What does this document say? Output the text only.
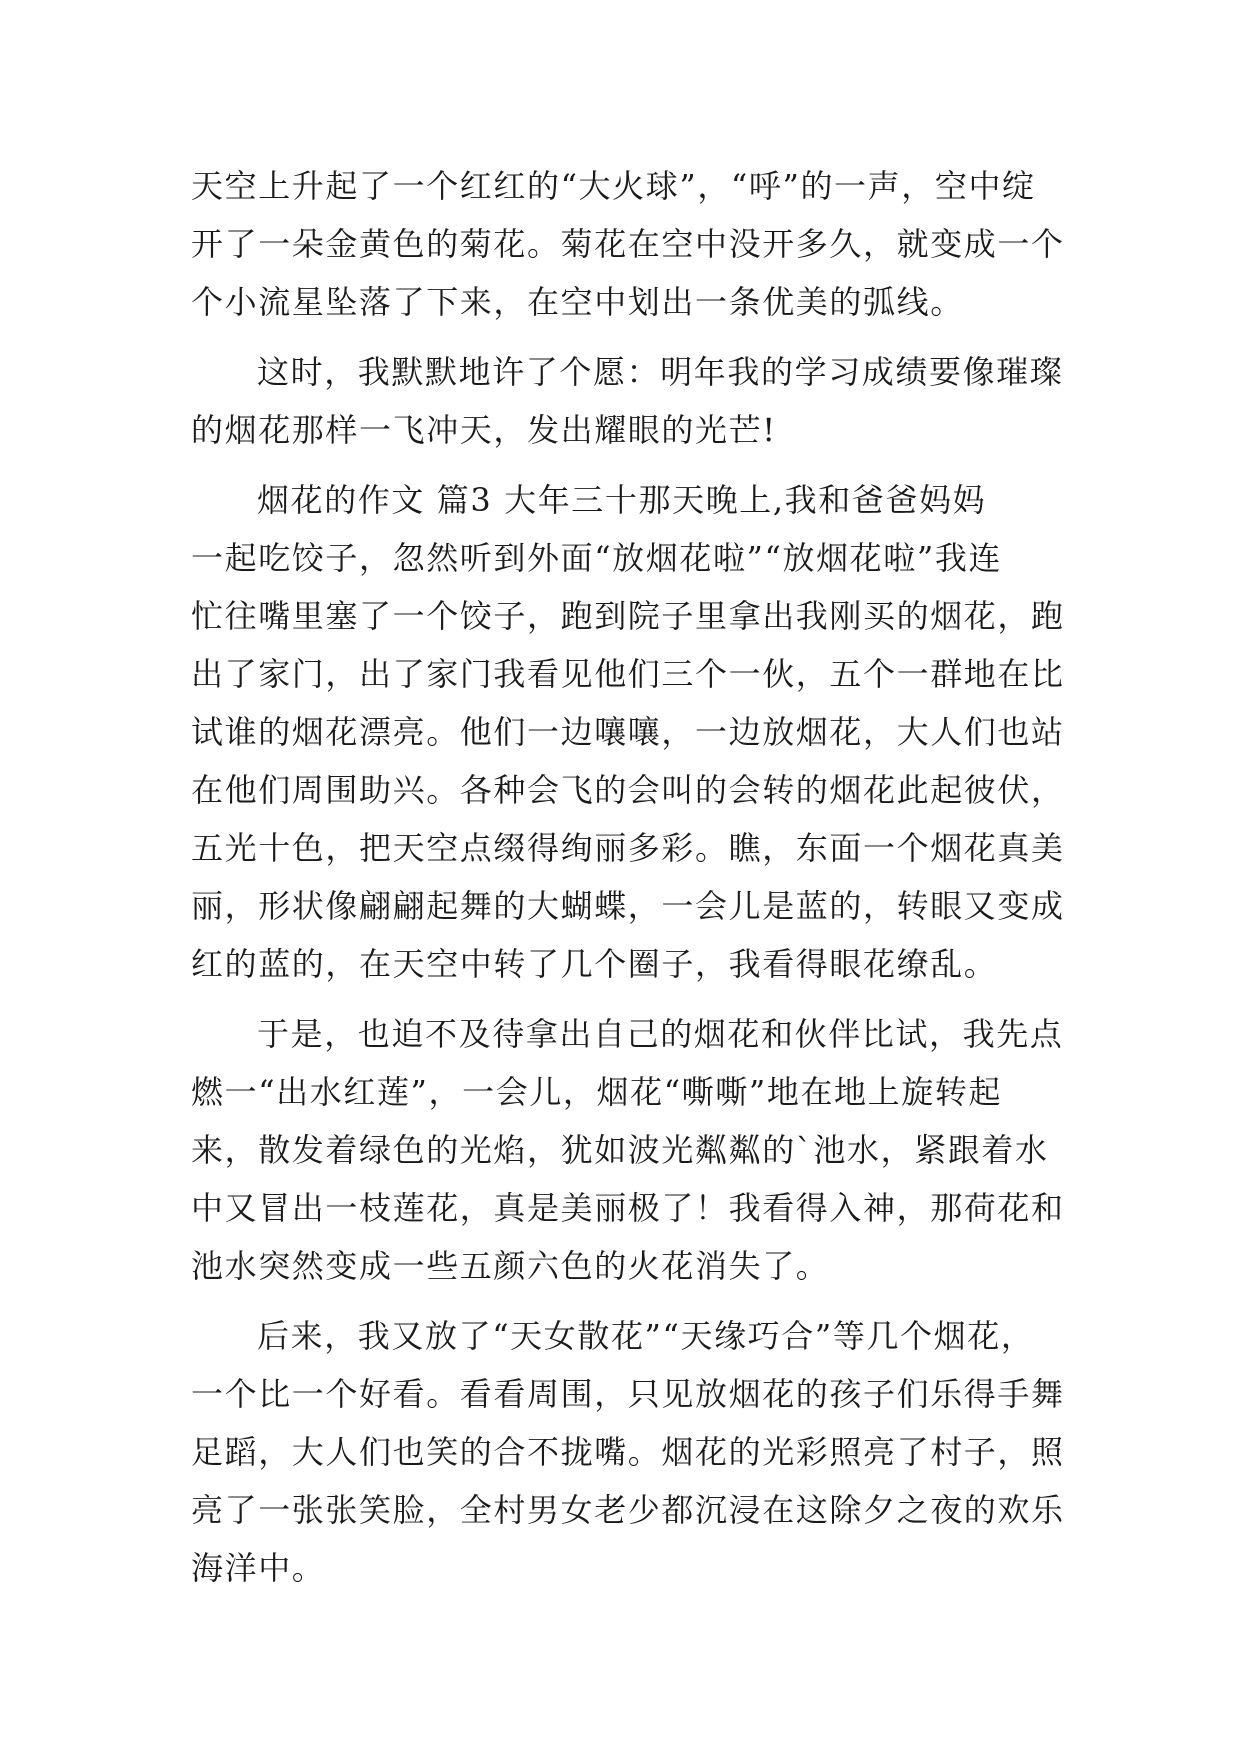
天空上升起了一个红红的“大火球”，“呼”的一声，空中绽
开了一朵金黄色的菊花。菊花在空中没开多久，就变成一个
个小流星坠落了下来，在空中划出一条优美的弧线。
这时，我默默地许了个愿：明年我的学习成绩要像璀璨
的烟花那样一飞冲天，发出耀眼的光芒!
烟花的作文 篇3 大年三十那天晚上,我和爸爸妈妈
一起吃饺子，忽然听到外面“放烟花啦”“放烟花啦”我连
忙往嘴里塞了一个饺子，跑到院子里拿出我刚买的烟花，跑
出了家门，出了家门我看见他们三个一伙，五个一群地在比
试谁的烟花漂亮。他们一边嚷嚷，一边放烟花，大人们也站
在他们周围助兴。各种会飞的会叫的会转的烟花此起彼伏，
五光十色，把天空点缀得绚丽多彩。瞧，东面一个烟花真美
丽，形状像翩翩起舞的大蝴蝶，一会儿是蓝的，转眼又变成
红的蓝的，在天空中转了几个圈子，我看得眼花缭乱。
于是，也迫不及待拿出自己的烟花和伙伴比试，我先点
燃一“出水红莲”，一会儿，烟花“嘶嘶”地在地上旋转起
来，散发着绿色的光焰，犹如波光粼粼的`池水，紧跟着水
中又冒出一枝莲花，真是美丽极了！我看得入神，那荷花和
池水突然变成一些五颜六色的火花消失了。
后来，我又放了“天女散花”“天缘巧合”等几个烟花，
一个比一个好看。看看周围，只见放烟花的孩子们乐得手舞
足蹈，大人们也笑的合不拢嘴。烟花的光彩照亮了村子，照
亮了一张张笑脸，全村男女老少都沉浸在这除夕之夜的欢乐
海洋中。
